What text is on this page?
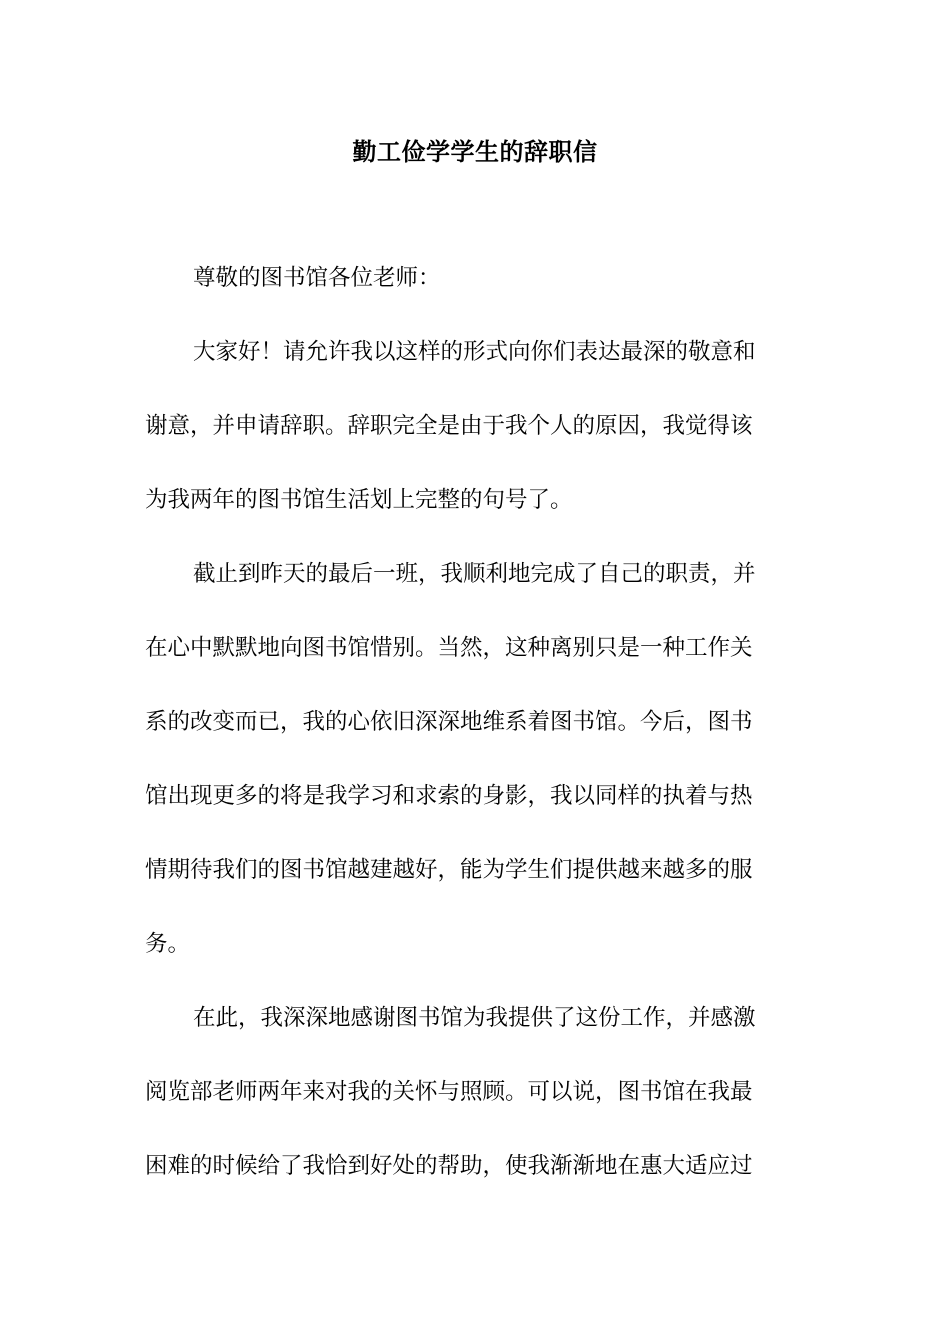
勤工俭学学生的辞职信

尊敬的图书馆各位老师：

大家好！请允许我以这样的形式向你们表达最深的敬意和

谢意，并申请辞职。辞职完全是由于我个人的原因，我觉得该

为我两年的图书馆生活划上完整的句号了。

截止到昨天的最后一班，我顺利地完成了自己的职责，并

在心中默默地向图书馆惜别。当然，这种离别只是一种工作关

系的改变而已，我的心依旧深深地维系着图书馆。今后，图书

馆出现更多的将是我学习和求索的身影，我以同样的执着与热

情期待我们的图书馆越建越好，能为学生们提供越来越多的服

务。

在此，我深深地感谢图书馆为我提供了这份工作，并感激

阅览部老师两年来对我的关怀与照顾。可以说，图书馆在我最

困难的时候给了我恰到好处的帮助，使我渐渐地在惠大适应过
